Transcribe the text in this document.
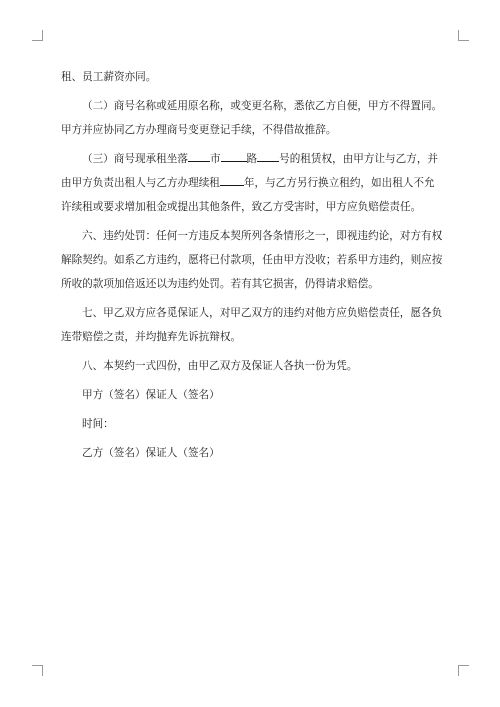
租、员工薪资亦同。

（二）商号名称或延用原名称，或变更名称，悉依乙方自便，甲方不得置同。甲方并应协同乙方办理商号变更登记手续，不得借故推辞。

（三）商号现承租坐落 市 路 号的租赁权，由甲方让与乙方，并由甲方负责出租人与乙方办理续租 年，与乙方另行换立租约，如出租人不允许续租或要求增加租金或提出其他条件，致乙方受害时，甲方应负赔偿责任。

六、违约处罚：任何一方违反本契所列各条情形之一，即视违约论，对方有权解除契约。如系乙方违约，愿将已付款项，任由甲方没收；若系甲方违约，则应按所收的款项加倍返还以为违约处罚。若有其它损害，仍得请求赔偿。

七、甲乙双方应各觅保证人，对甲乙双方的违约对他方应负赔偿责任，愿各负连带赔偿之责，并均抛弃先诉抗辩权。

八、本契约一式四份，由甲乙双方及保证人各执一份为凭。

甲方（签名）保证人（签名）

时间：

乙方（签名）保证人（签名）
